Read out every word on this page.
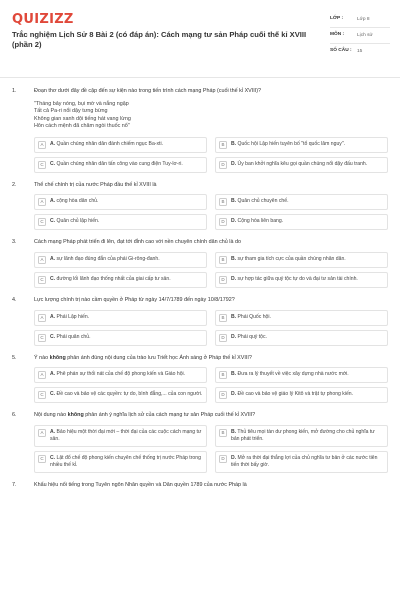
QUIZIZZ
Trắc nghiệm Lịch Sử 8 Bài 2 (có đáp án): Cách mạng tư sản Pháp cuối thế kỉ XVIII (phần 2)
LỚP :	Lớp 8
MÔN :	Lịch sử
SỐ CÂU :	15
1.	Đoạn thơ dưới đây đề cập đến sự kiện nào trong tiến trình cách mạng Pháp (cuối thế kỉ XVIII)?
"Tháng bảy nóng, bụi mờ và nắng ngập
Tất cả Pa-ri nổi dậy tưng bừng
Không gian xanh dội tiếng hát vang lừng
Hôn cách mệnh đã chăm ngòi thuốc nổ"
A	A. Quần chúng nhân dân đánh chiếm ngục Ba-xti.	B	B. Quốc hội Lập hiến tuyên bố "tổ quốc lâm nguy".
C	C. Quần chúng nhân dân tấn công vào cung điện Tuy-lơ-ri.	D	D. Ủy ban khởi nghĩa kêu gọi quần chúng nổi dậy đấu tranh.
2.	Thể chế chính trị của nước Pháp đầu thế kỉ XVIII là
A	A. cộng hòa dân chủ.	B	B. Quân chủ chuyên chế.
C	C. Quân chủ lập hiến.	D	D. Cộng hòa liên bang.
3.	Cách mạng Pháp phát triển đi lên, đạt tới đỉnh cao với nền chuyên chính dân chủ là do
A	A. sự lãnh đạo đúng đắn của phái Gi-rông-đanh.	B	B. sự tham gia tích cực của quần chúng nhân dân.
C	C. đường lối lãnh đạo thống nhất của giai cấp tư sản.	D	D. sự hợp tác giữa quý tộc tự do và đại tư sản tài chính.
4.	Lực lượng chính trị nào cầm quyền ở Pháp từ ngày 14/7/1789 đến ngày 10/8/1792?
A	A. Phái Lập hiến.	B	B. Phái Quốc hội.
C	C. Phái quân chủ.	D	D. Phái quý tộc.
5.	Ý nào không phản ánh đúng nội dung của trào lưu Triết học Ánh sáng ở Pháp thế kỉ XVIII?
A	A. Phê phán sự thối nát của chế độ phong kiến và Giáo hội.	B	B. Đưa ra lý thuyết về việc xây dựng nhà nước mới.
C	C. Đề cao và bảo vệ các quyền: tự do, bình đẳng,... của con người.	D	D. Đề cao và bảo vệ giáo lý Kitô và trật tự phong kiến.
6.	Nội dung nào không phản ánh ý nghĩa lịch sử của cách mạng tư sản Pháp cuối thế kỉ XVIII?
A	A. Bảo hiệu một thời đại mới – thời đại của các cuộc cách mạng tư sản.
B	B. Thủ tiêu mọi tàn dư phong kiến, mở đường cho chủ nghĩa tư bản phát triển.
C	C. Lật đổ chế độ phong kiến chuyên chế thống trị nước Pháp trong nhiều thế kỉ.
D	D. Mở ra thời đại thắng lợi của chủ nghĩa tư bản ở các nước tiên tiến thời bấy giờ.
7.	Khẩu hiệu nổi tiếng trong Tuyên ngôn Nhân quyền và Dân quyền 1789 của nước Pháp là
